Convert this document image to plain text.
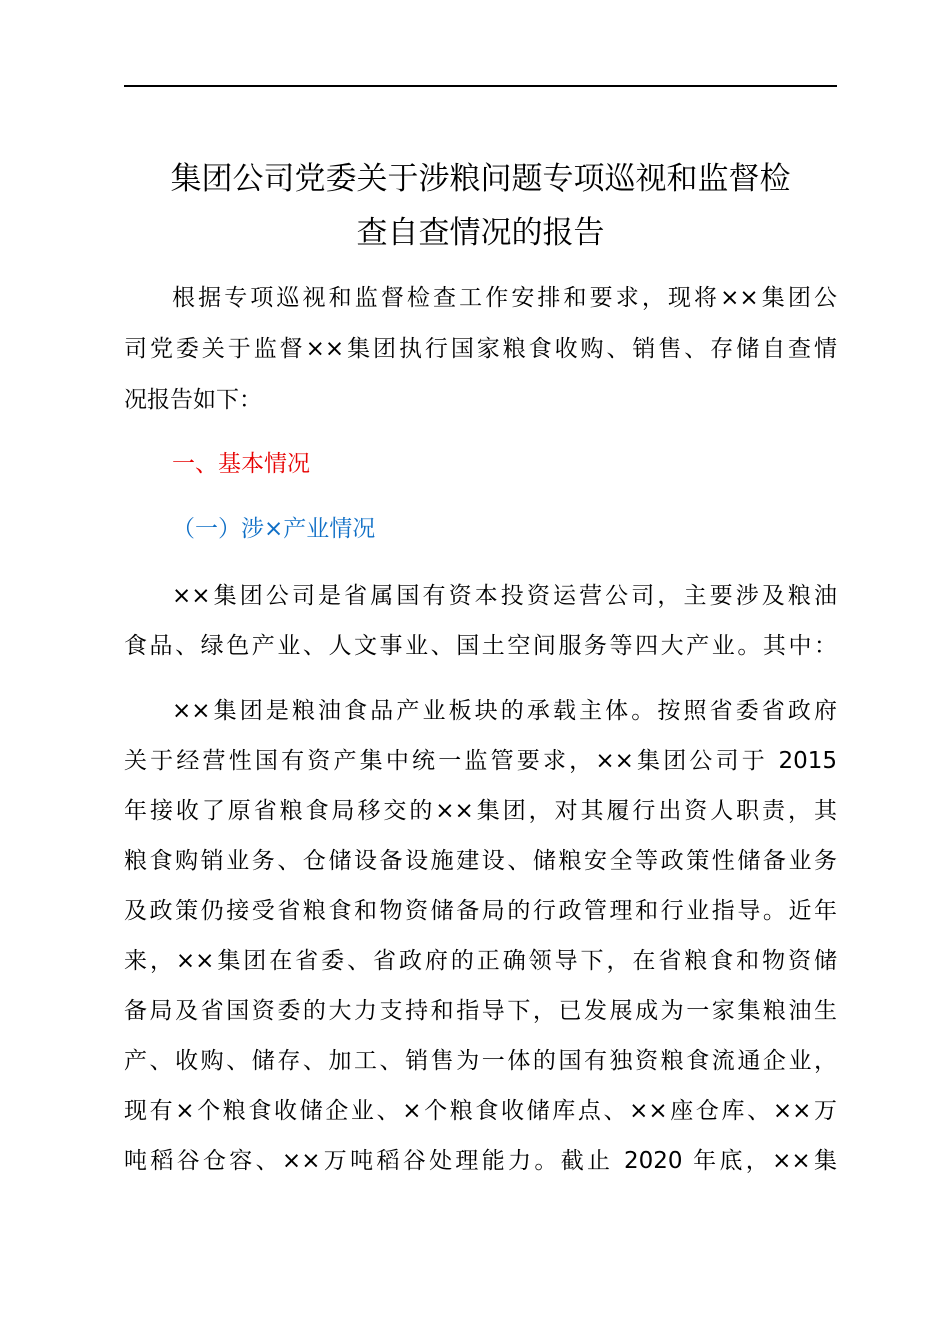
集团公司党委关于涉粮问题专项巡视和监督检
查自查情况的报告
根据专项巡视和监督检查工作安排和要求，现将××集团公
司党委关于监督××集团执行国家粮食收购、销售、存储自查情
况报告如下：
一、基本情况
（一）涉×产业情况
××集团公司是省属国有资本投资运营公司，主要涉及粮油
食品、绿色产业、人文事业、国土空间服务等四大产业。其中：
××集团是粮油食品产业板块的承载主体。按照省委省政府
关于经营性国有资产集中统一监管要求，××集团公司于 2015
年接收了原省粮食局移交的××集团，对其履行出资人职责，其
粮食购销业务、仓储设备设施建设、储粮安全等政策性储备业务
及政策仍接受省粮食和物资储备局的行政管理和行业指导。近年
来，××集团在省委、省政府的正确领导下，在省粮食和物资储
备局及省国资委的大力支持和指导下，已发展成为一家集粮油生
产、收购、储存、加工、销售为一体的国有独资粮食流通企业，
现有×个粮食收储企业、×个粮食收储库点、××座仓库、××万
吨稻谷仓容、××万吨稻谷处理能力。截止 2020 年底，××集
